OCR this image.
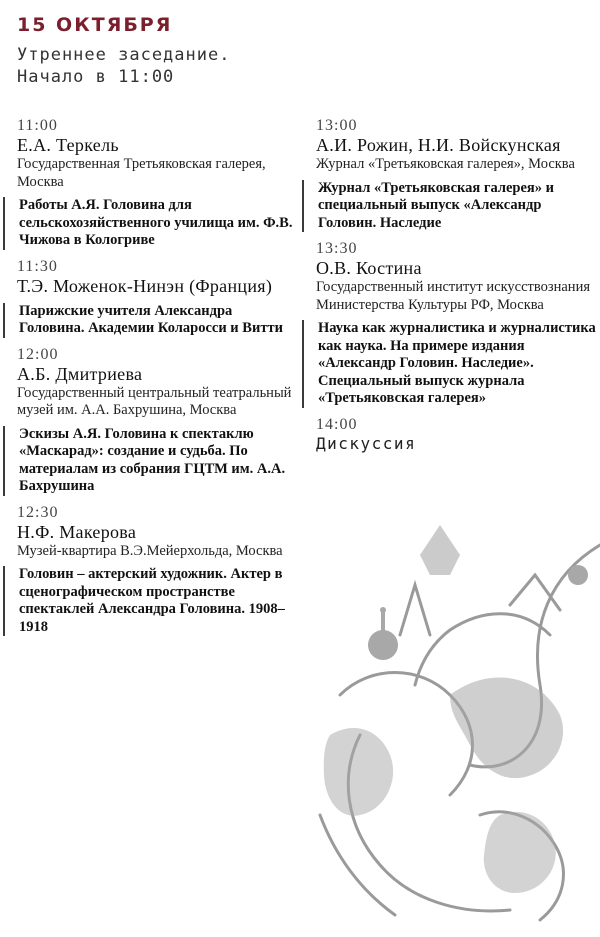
15 ОКТЯБРЯ
Утреннее заседание.
Начало в 11:00
11:00
Е.А. Теркель
Государственная Третьяковская галерея, Москва
Работы А.Я. Головина для сельскохозяйственного училища им. Ф.В. Чижова в Кологриве
11:30
Т.Э. Моженок-Нинэн (Франция)
Парижские учителя Александра Головина. Академии Коларосси и Витти
12:00
А.Б. Дмитриева
Государственный центральный театральный музей им. А.А. Бахрушина, Москва
Эскизы А.Я. Головина к спектаклю «Маскарад»: создание и судьба. По материалам из собрания ГЦТМ им. А.А. Бахрушина
12:30
Н.Ф. Макерова
Музей-квартира В.Э.Мейерхольда, Москва
Головин – актерский художник. Актер в сценографическом пространстве спектаклей Александра Головина. 1908–1918
13:00
А.И. Рожин, Н.И. Войскунская
Журнал «Третьяковская галерея», Москва
Журнал «Третьяковская галерея» и специальный выпуск «Александр Головин. Наследие
13:30
О.В. Костина
Государственный институт искусствознания Министерства Культуры РФ, Москва
Наука как журналистика и журналистика как наука. На примере издания «Александр Головин. Наследие». Специальный выпуск журнала «Третьяковская галерея»
14:00
Дискуссия
